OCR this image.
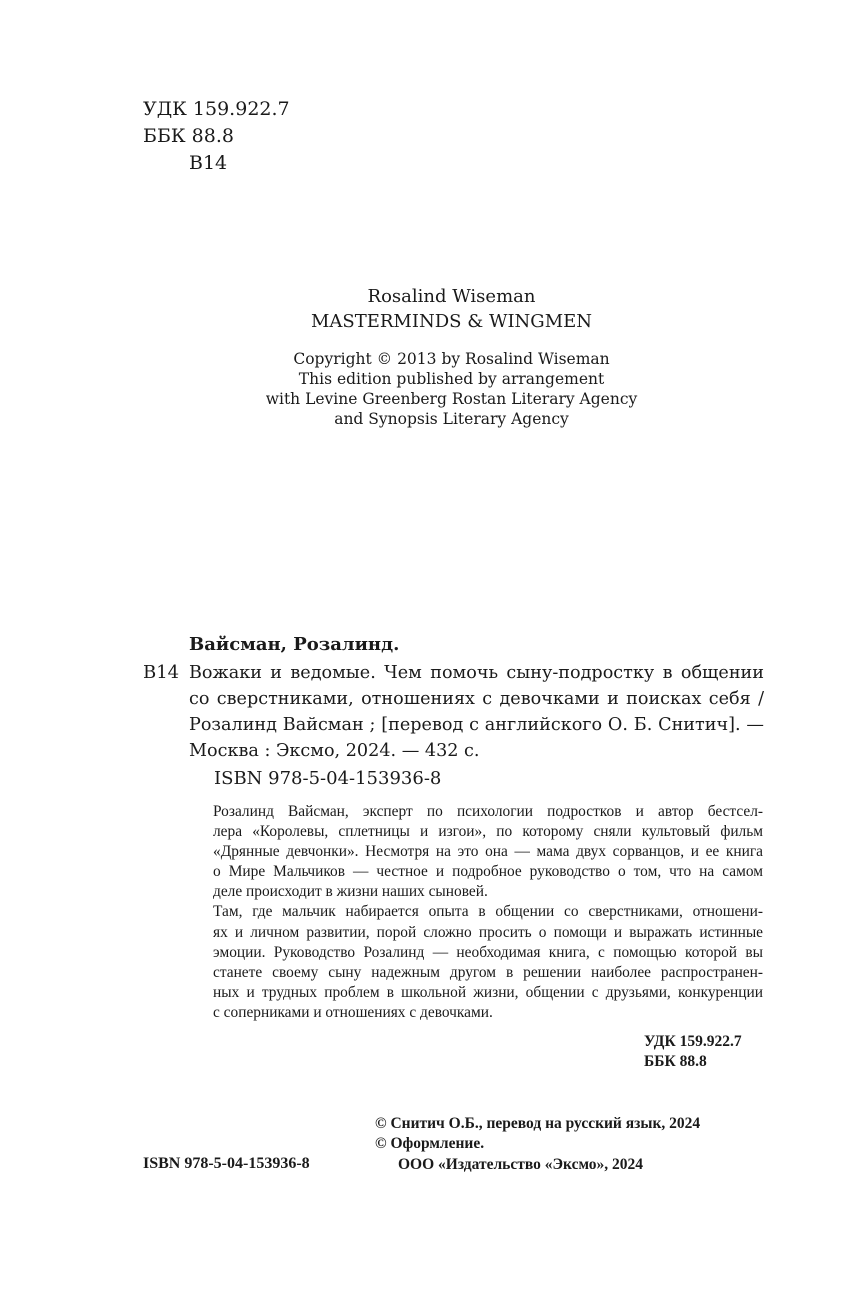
УДК 159.922.7
ББК 88.8
В14
Rosalind Wiseman
MASTERMINDS & WINGMEN
Copyright © 2013 by Rosalind Wiseman
This edition published by arrangement
with Levine Greenberg Rostan Literary Agency
and Synopsis Literary Agency
Вайсман, Розалинд.
В14 Вожаки и ведомые. Чем помочь сыну-подростку в общении
со сверстниками, отношениях с девочками и поисках себя /
Розалинд Вайсман ; [перевод с английского О. Б. Снитич]. —
Москва : Эксмо, 2024. — 432 с.
ISBN 978-5-04-153936-8

Розалинд Вайсман, эксперт по психологии подростков и автор бестсел-
лера «Королевы, сплетницы и изгои», по которому сняли культовый фильм
«Дрянные девчонки». Несмотря на это она — мама двух сорванцов, и ее книга
о Мире Мальчиков — честное и подробное руководство о том, что на самом
деле происходит в жизни наших сыновей.

Там, где мальчик набирается опыта в общении со сверстниками, отношени-
ях и личном развитии, порой сложно просить о помощи и выражать истинные
эмоции. Руководство Розалинд — необходимая книга, с помощью которой вы
станете своему сыну надежным другом в решении наиболее распространен-
ных и трудных проблем в школьной жизни, общении с друзьями, конкуренции
с соперниками и отношениях с девочками.

УДК 159.922.7
ББК 88.8
© Снитич О.Б., перевод на русский язык, 2024
© Оформление.
ООО «Издательство «Эксмо», 2024
ISBN 978-5-04-153936-8
